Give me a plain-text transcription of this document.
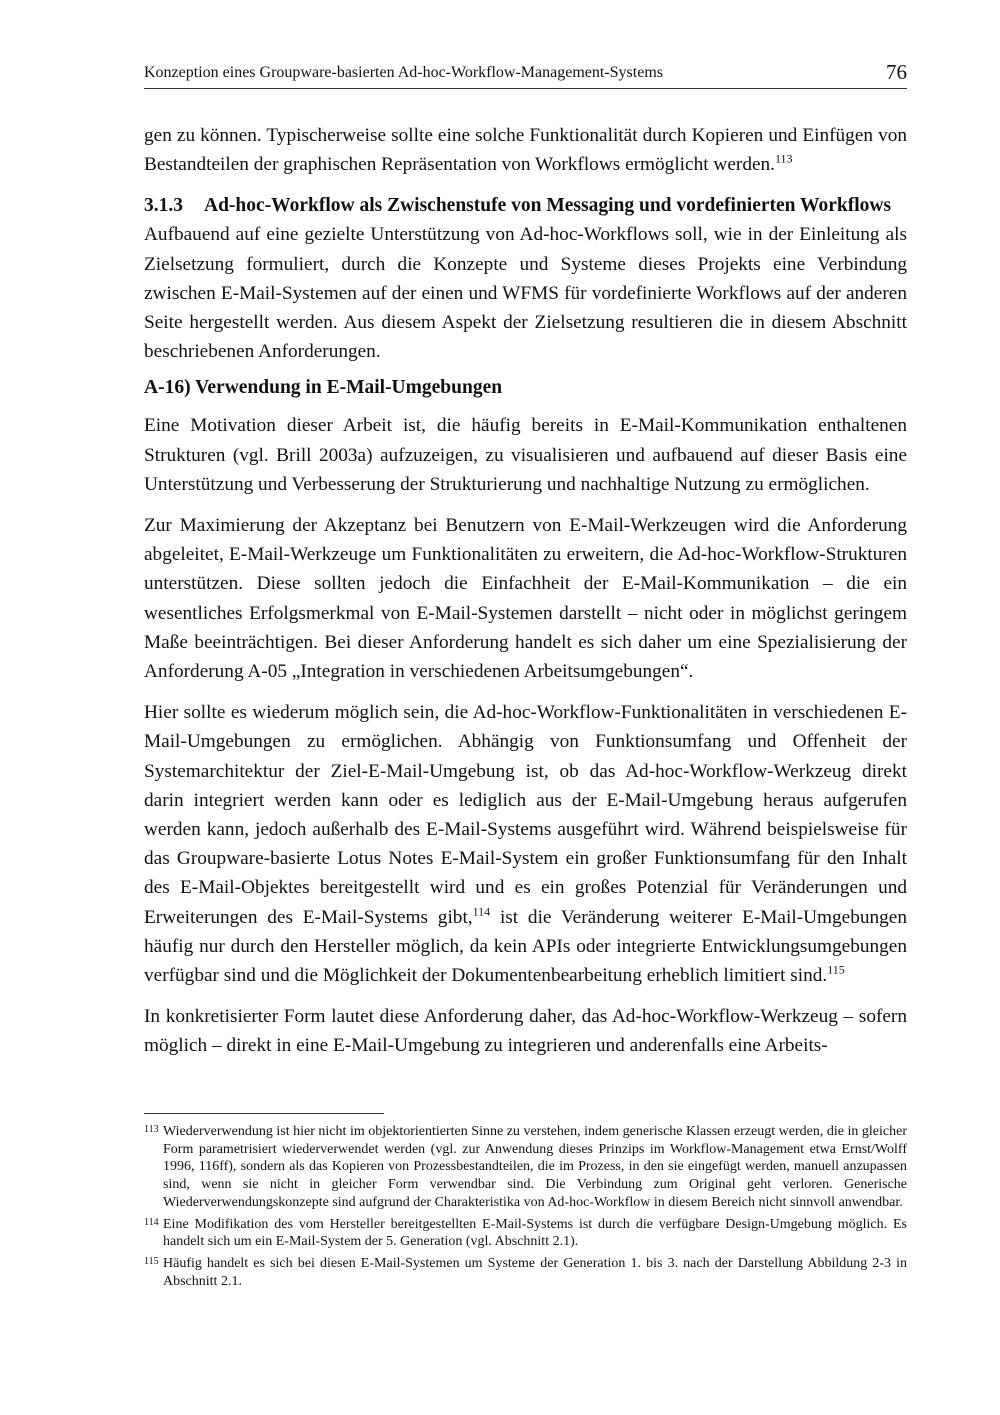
Konzeption eines Groupware-basierten Ad-hoc-Workflow-Management-Systems	76

gen zu können. Typischerweise sollte eine solche Funktionalität durch Kopieren und Einfügen von Bestandteilen der graphischen Repräsentation von Workflows ermöglicht werden.$^{113}$

3.1.3	Ad-hoc-Workflow als Zwischenstufe von Messaging und vordefinierten Workflows

Aufbauend auf eine gezielte Unterstützung von Ad-hoc-Workflows soll, wie in der Einleitung als Zielsetzung formuliert, durch die Konzepte und Systeme dieses Projekts eine Verbindung zwischen E-Mail-Systemen auf der einen und WFMS für vordefinierte Workflows auf der anderen Seite hergestellt werden. Aus diesem Aspekt der Zielsetzung resultieren die in diesem Abschnitt beschriebenen Anforderungen.

A-16) Verwendung in E-Mail-Umgebungen

Eine Motivation dieser Arbeit ist, die häufig bereits in E-Mail-Kommunikation enthaltenen Strukturen (vgl. Brill 2003a) aufzuzeigen, zu visualisieren und aufbauend auf dieser Basis eine Unterstützung und Verbesserung der Strukturierung und nachhaltige Nutzung zu ermöglichen.

Zur Maximierung der Akzeptanz bei Benutzern von E-Mail-Werkzeugen wird die Anforderung abgeleitet, E-Mail-Werkzeuge um Funktionalitäten zu erweitern, die Ad-hoc-Workflow-Strukturen unterstützen. Diese sollten jedoch die Einfachheit der E-Mail-Kommunikation – die ein wesentliches Erfolgsmerkmal von E-Mail-Systemen darstellt – nicht oder in möglichst geringem Maße beeinträchtigen. Bei dieser Anforderung handelt es sich daher um eine Spezialisierung der Anforderung A-05 „Integration in verschiedenen Arbeitsumgebungen“.

Hier sollte es wiederum möglich sein, die Ad-hoc-Workflow-Funktionalitäten in verschiedenen E-Mail-Umgebungen zu ermöglichen. Abhängig von Funktionsumfang und Offenheit der Systemarchitektur der Ziel-E-Mail-Umgebung ist, ob das Ad-hoc-Workflow-Werkzeug direkt darin integriert werden kann oder es lediglich aus der E-Mail-Umgebung heraus aufgerufen werden kann, jedoch außerhalb des E-Mail-Systems ausgeführt wird. Während beispielsweise für das Groupware-basierte Lotus Notes E-Mail-System ein großer Funktionsumfang für den Inhalt des E-Mail-Objektes bereitgestellt wird und es ein großes Potenzial für Veränderungen und Erweiterungen des E-Mail-Systems gibt,$^{114}$ ist die Veränderung weiterer E-Mail-Umgebungen häufig nur durch den Hersteller möglich, da kein APIs oder integrierte Entwicklungsumgebungen verfügbar sind und die Möglichkeit der Dokumentenbearbeitung erheblich limitiert sind.$^{115}$

In konkretisierter Form lautet diese Anforderung daher, das Ad-hoc-Workflow-Werkzeug – sofern möglich – direkt in eine E-Mail-Umgebung zu integrieren und anderenfalls eine Arbeits-

113 Wiederverwendung ist hier nicht im objektorientierten Sinne zu verstehen, indem generische Klassen erzeugt werden, die in gleicher Form parametrisiert wiederverwendet werden (vgl. zur Anwendung dieses Prinzips im Workflow-Management etwa Ernst/Wolff 1996, 116ff), sondern als das Kopieren von Prozessbestandteilen, die im Prozess, in den sie eingefügt werden, manuell anzupassen sind, wenn sie nicht in gleicher Form verwendbar sind. Die Verbindung zum Original geht verloren. Generische Wiederverwendungskonzepte sind aufgrund der Charakteristika von Ad-hoc-Workflow in diesem Bereich nicht sinnvoll anwendbar.
114 Eine Modifikation des vom Hersteller bereitgestellten E-Mail-Systems ist durch die verfügbare Design-Umgebung möglich. Es handelt sich um ein E-Mail-System der 5. Generation (vgl. Abschnitt 2.1).
115 Häufig handelt es sich bei diesen E-Mail-Systemen um Systeme der Generation 1. bis 3. nach der Darstellung Abbildung 2-3 in Abschnitt 2.1.
